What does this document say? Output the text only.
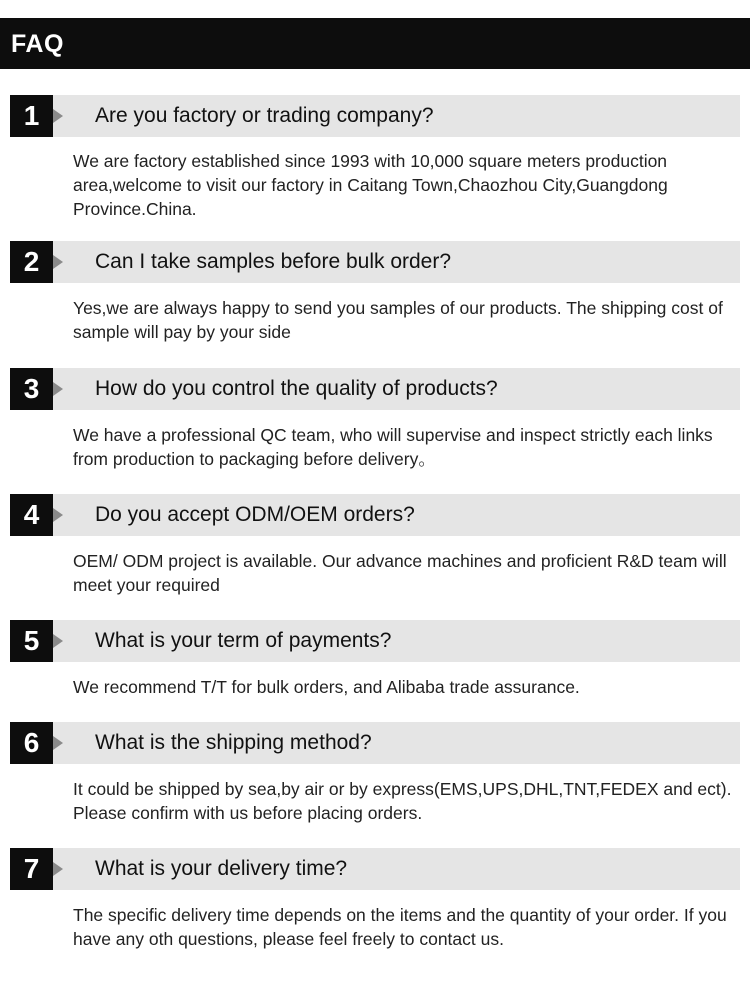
FAQ
1	Are you factory or trading company?
We are factory established since 1993 with 10,000 square meters production area,welcome to visit our factory in Caitang Town,Chaozhou City,Guangdong Province.China.
2	Can I take samples before bulk order?
Yes,we are always happy to send you samples of our products. The shipping cost of sample will pay by your side
3	How do you control the quality of products?
We have a professional QC team, who will supervise and inspect strictly each links from production to packaging before delivery。
4	Do you accept ODM/OEM orders?
OEM/ ODM project is available. Our advance machines and proficient R&D team will meet your required
5	What is your term of payments?
We recommend T/T for bulk orders, and Alibaba trade assurance.
6	What is the shipping method?
It could be shipped by sea,by air or by express(EMS,UPS,DHL,TNT,FEDEX and ect). Please confirm with us before placing orders.
7	What is your delivery time?
The specific delivery time depends on the items and the quantity of your order. If you have any oth questions, please feel freely to contact us.
